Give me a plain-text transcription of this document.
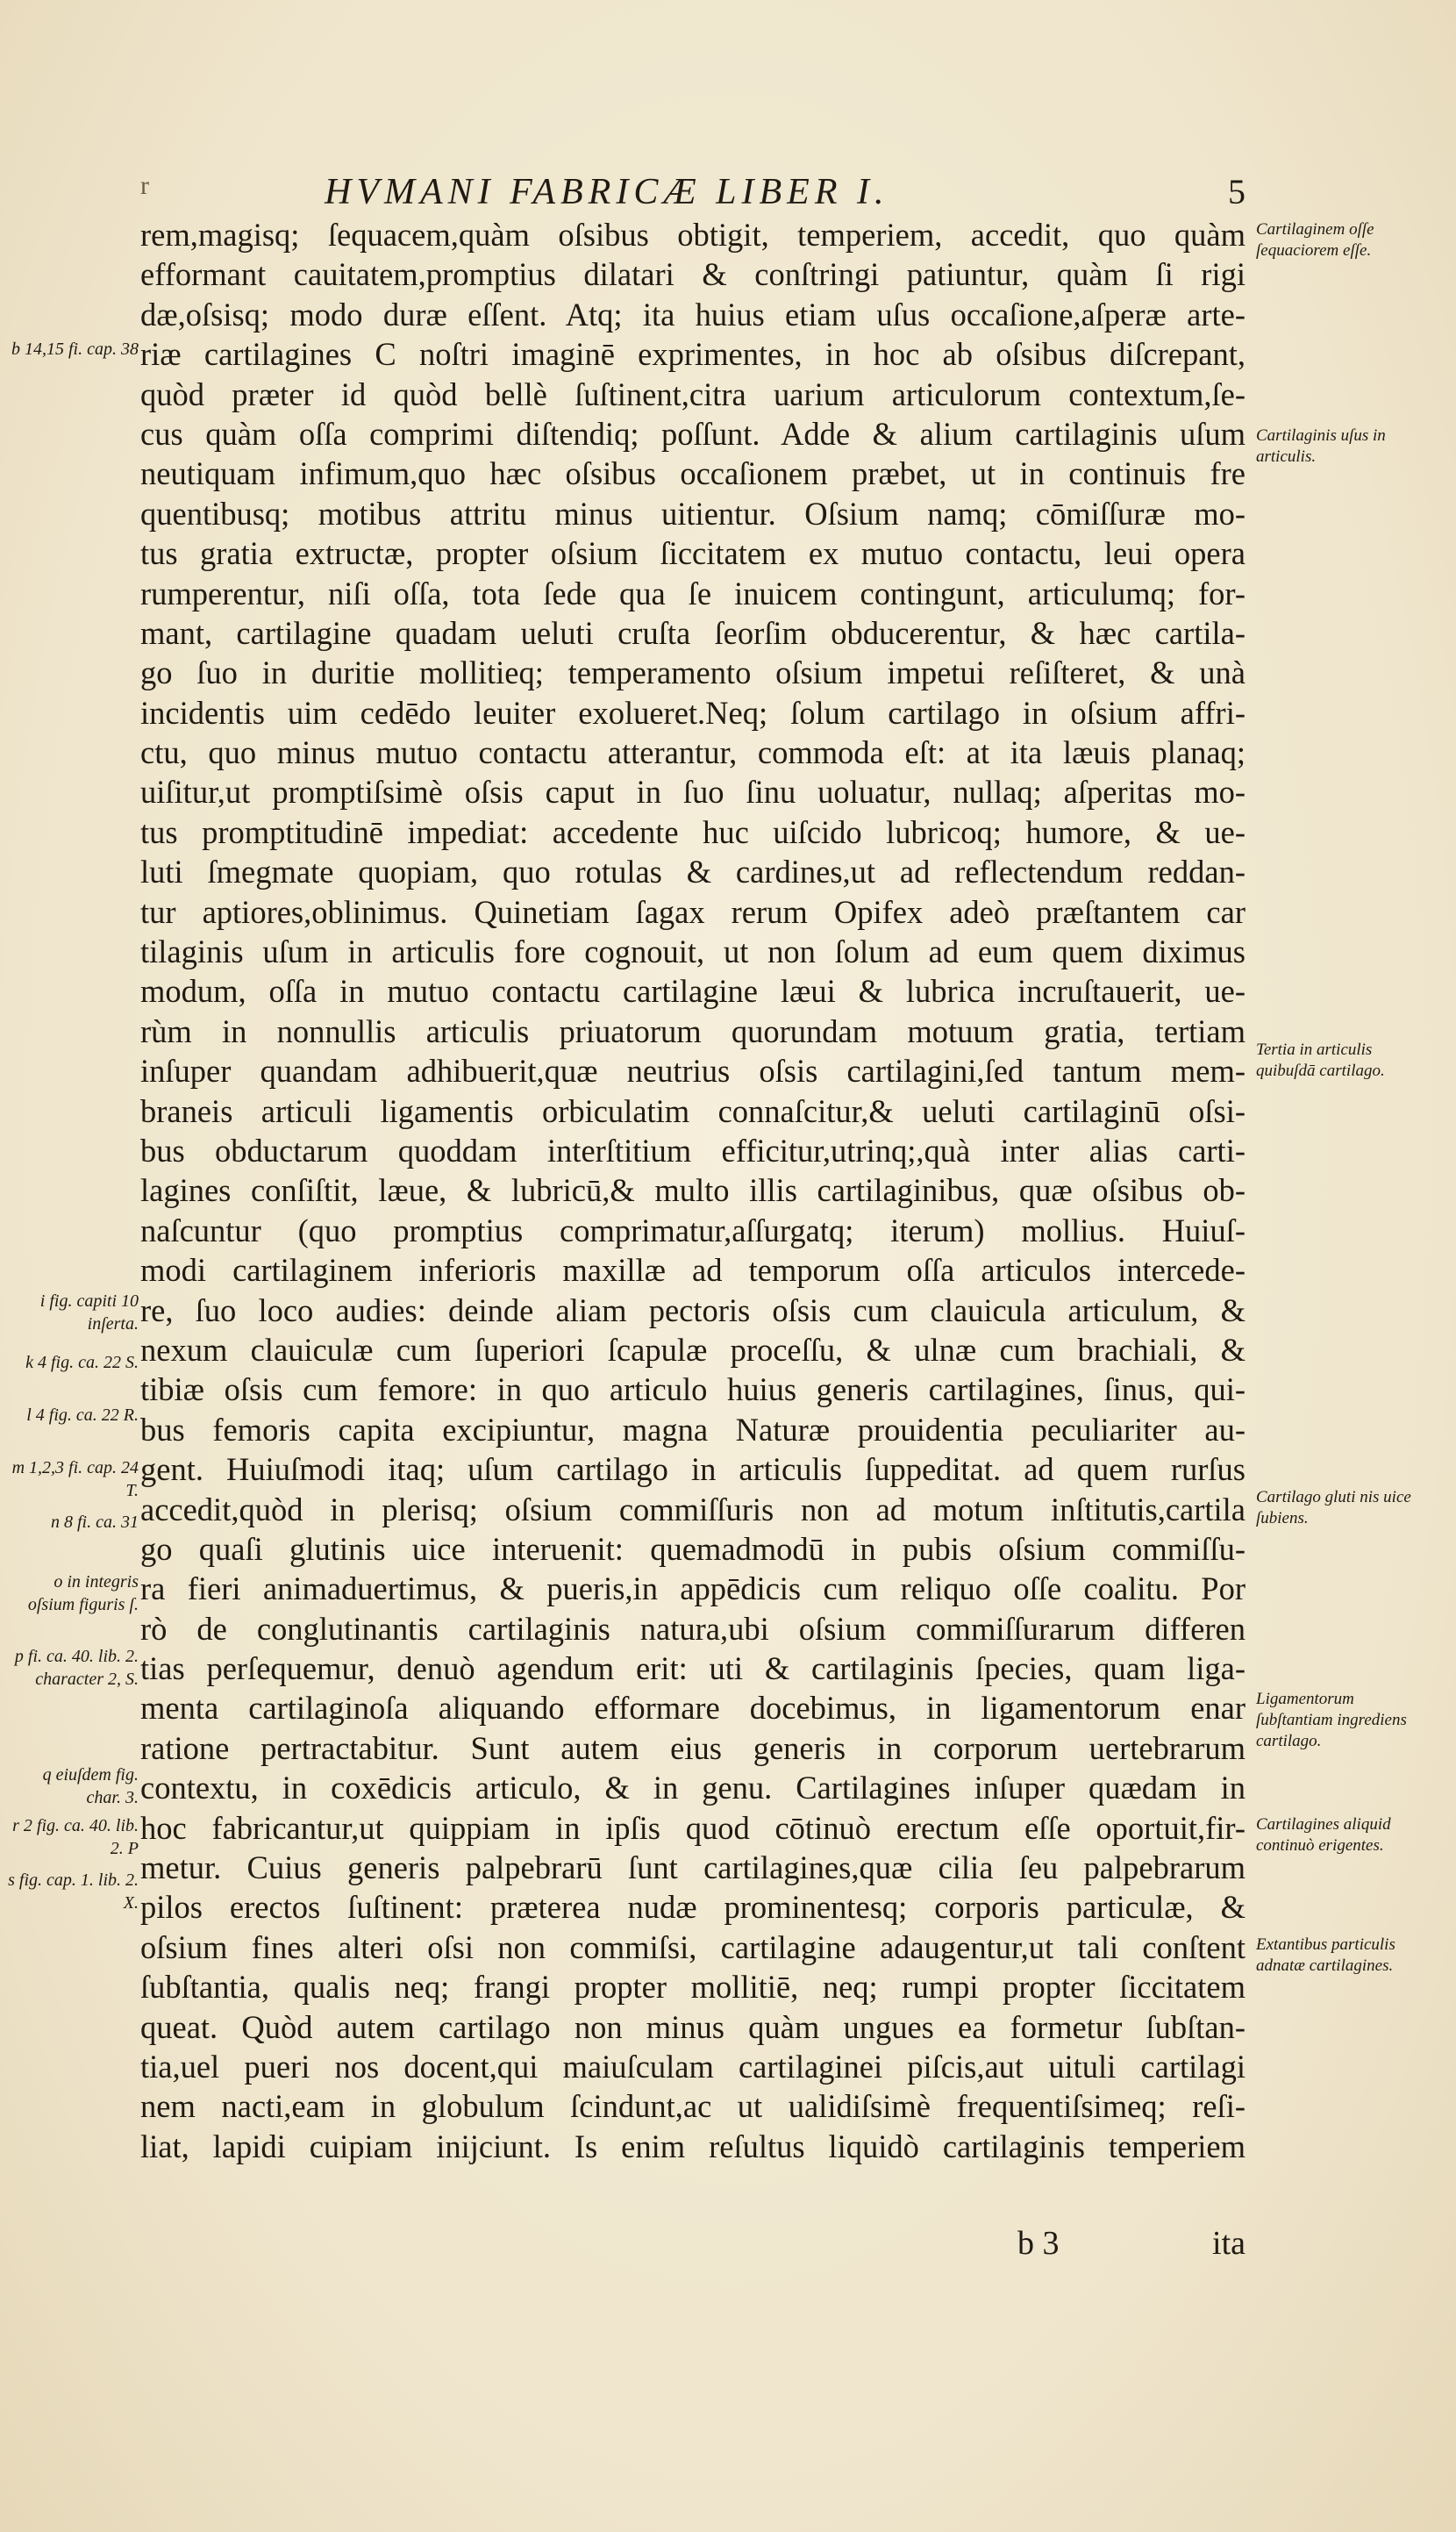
r	HVMANI FABRICÆ LIBER I.	5
rem,magisq; ſequacem,quàm oſsibus obtigit, temperiem, accedit, quo quàm
efformant cauitatem,promptius dilatari & conſtringi patiuntur, quàm ſi rigi
dæ,oſsisq; modo duræ eſſent. Atq; ita huius etiam uſus occaſione,aſperæ arte-
riæ cartilagines C noſtri imaginē exprimentes, in hoc ab oſsibus diſcrepant,
quòd præter id quòd bellè ſuſtinent,citra uarium articulorum contextum,ſe-
cus quàm oſſa comprimi diſtendiq; poſſunt. Adde & alium cartilaginis uſum
neutiquam infimum,quo hæc oſsibus occaſionem præbet, ut in continuis fre
quentibusq; motibus attritu minus uitientur. Oſsium namq; cōmiſſuræ mo-
tus gratia extructæ, propter oſsium ſiccitatem ex mutuo contactu, leui opera
rumperentur, niſi oſſa, tota ſede qua ſe inuicem contingunt, articulumq; for-
mant, cartilagine quadam ueluti cruſta ſeorſim obducerentur, & hæc cartila-
go ſuo in duritie mollitieq; temperamento oſsium impetui reſiſteret, & unà
incidentis uim cedēdo leuiter exolueret.Neq; ſolum cartilago in oſsium affri-
ctu, quo minus mutuo contactu atterantur, commoda eſt: at ita læuis planaq;
uiſitur,ut promptiſsimè oſsis caput in ſuo ſinu uoluatur, nullaq; aſperitas mo-
tus promptitudinē impediat: accedente huc uiſcido lubricoq; humore, & ue-
luti ſmegmate quopiam, quo rotulas & cardines,ut ad reflectendum reddan-
tur aptiores,oblinimus. Quinetiam ſagax rerum Opifex adeò præſtantem car
tilaginis uſum in articulis fore cognouit, ut non ſolum ad eum quem diximus
modum, oſſa in mutuo contactu cartilagine læui & lubrica incruſtauerit, ue-
rùm in nonnullis articulis priuatorum quorundam motuum gratia, tertiam
inſuper quandam adhibuerit,quæ neutrius oſsis cartilagini,ſed tantum mem-
braneis articuli ligamentis orbiculatim connaſcitur,& ueluti cartilaginū oſsi-
bus obductarum quoddam interſtitium efficitur,utrinq;,quà inter alias carti-
lagines conſiſtit, læue, & lubricū,& multo illis cartilaginibus, quæ oſsibus ob-
naſcuntur (quo promptius comprimatur,aſſurgatq; iterum) mollius. Huiuſ-
modi cartilaginem inferioris maxillæ ad temporum oſſa articulos intercede-
re, ſuo loco audies: deinde aliam pectoris oſsis cum clauicula articulum, &
nexum clauiculæ cum ſuperiori ſcapulæ proceſſu, & ulnæ cum brachiali, &
tibiæ oſsis cum femore: in quo articulo huius generis cartilagines, ſinus, qui-
bus femoris capita excipiuntur, magna Naturæ prouidentia peculiariter au-
gent. Huiuſmodi itaq; uſum cartilago in articulis ſuppeditat. ad quem rurſus
accedit,quòd in plerisq; oſsium commiſſuris non ad motum inſtitutis,cartila
go quaſi glutinis uice interuenit: quemadmodū in pubis oſsium commiſſu-
ra fieri animaduertimus, & pueris,in appēdicis cum reliquo oſſe coalitu. Por
rò de conglutinantis cartilaginis natura,ubi oſsium commiſſurarum differen
tias perſequemur, denuò agendum erit: uti & cartilaginis ſpecies, quam liga-
menta cartilaginoſa aliquando efformare docebimus, in ligamentorum enar
ratione pertractabitur. Sunt autem eius generis in corporum uertebrarum
contextu, in coxēdicis articulo, & in genu. Cartilagines inſuper quædam in
hoc fabricantur,ut quippiam in ipſis quod cōtinuò erectum eſſe oportuit,fir-
metur. Cuius generis palpebrarū ſunt cartilagines,quæ cilia ſeu palpebrarum
pilos erectos ſuſtinent: præterea nudæ prominentesq; corporis particulæ, &
oſsium fines alteri oſsi non commiſsi, cartilagine adaugentur,ut tali conſtent
ſubſtantia, qualis neq; frangi propter mollitiē, neq; rumpi propter ſiccitatem
queat. Quòd autem cartilago non minus quàm ungues ea formetur ſubſtan-
tia,uel pueri nos docent,qui maiuſculam cartilaginei piſcis,aut uituli cartilagi
nem nacti,eam in globulum ſcindunt,ac ut ualidiſsimè frequentiſsimeq; reſi-
liat, lapidi cuipiam inijciunt. Is enim reſultus liquidò cartilaginis temperiem
b 14,15 fi. cap. 38
i fig. capiti 10 inſerta.
k 4 fig. ca. 22 S.
l 4 fig. ca. 22 R.
m 1,2,3 fi. cap. 24 T.
n 8 fi. ca. 31
o in integris oſsium figuris ſ.
p fi. ca. 40. lib. 2. character 2, S.
q eiuſdem fig. char. 3.
r 2 fig. ca. 40. lib. 2. P
s fig. cap. 1. lib. 2. X.
Cartilaginem oſſe ſequaciorem eſſe.
Cartilaginis uſus in articulis.
Tertia in articulis quibuſdā cartilago.
Cartilago gluti nis uice ſubiens.
Ligamentorum ſubſtantiam ingrediens cartilago.
Cartilagines aliquid continuò erigentes.
Extantibus particulis adnatæ cartilagines.
b 3	ita
